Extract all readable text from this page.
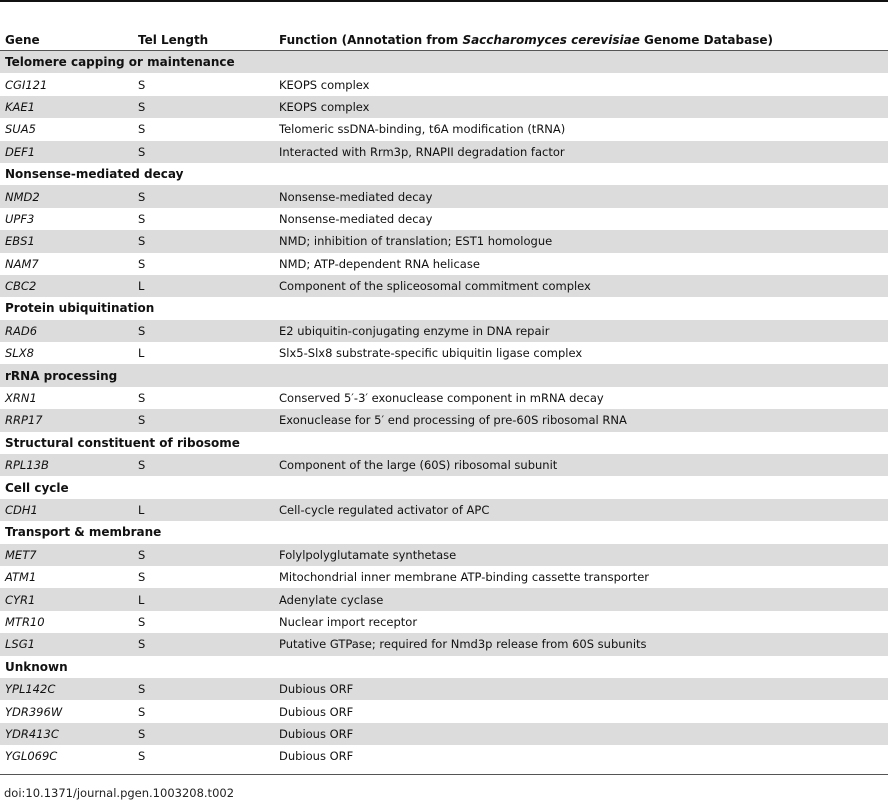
Gene	Tel Length	Function (Annotation from Saccharomyces cerevisiae Genome Database)
Telomere capping or maintenance		
CGI121	S	KEOPS complex
KAE1	S	KEOPS complex
SUA5	S	Telomeric ssDNA-binding, t6A modification (tRNA)
DEF1	S	Interacted with Rrm3p, RNAPII degradation factor
Nonsense-mediated decay		
NMD2	S	Nonsense-mediated decay
UPF3	S	Nonsense-mediated decay
EBS1	S	NMD; inhibition of translation; EST1 homologue
NAM7	S	NMD; ATP-dependent RNA helicase
CBC2	L	Component of the spliceosomal commitment complex
Protein ubiquitination		
RAD6	S	E2 ubiquitin-conjugating enzyme in DNA repair
SLX8	L	Slx5-Slx8 substrate-specific ubiquitin ligase complex
rRNA processing		
XRN1	S	Conserved 5′-3′ exonuclease component in mRNA decay
RRP17	S	Exonuclease for 5′ end processing of pre-60S ribosomal RNA
Structural constituent of ribosome		
RPL13B	S	Component of the large (60S) ribosomal subunit
Cell cycle		
CDH1	L	Cell-cycle regulated activator of APC
Transport & membrane		
MET7	S	Folylpolyglutamate synthetase
ATM1	S	Mitochondrial inner membrane ATP-binding cassette transporter
CYR1	L	Adenylate cyclase
MTR10	S	Nuclear import receptor
LSG1	S	Putative GTPase; required for Nmd3p release from 60S subunits
Unknown		
YPL142C	S	Dubious ORF
YDR396W	S	Dubious ORF
YDR413C	S	Dubious ORF
YGL069C	S	Dubious ORF
doi:10.1371/journal.pgen.1003208.t002
